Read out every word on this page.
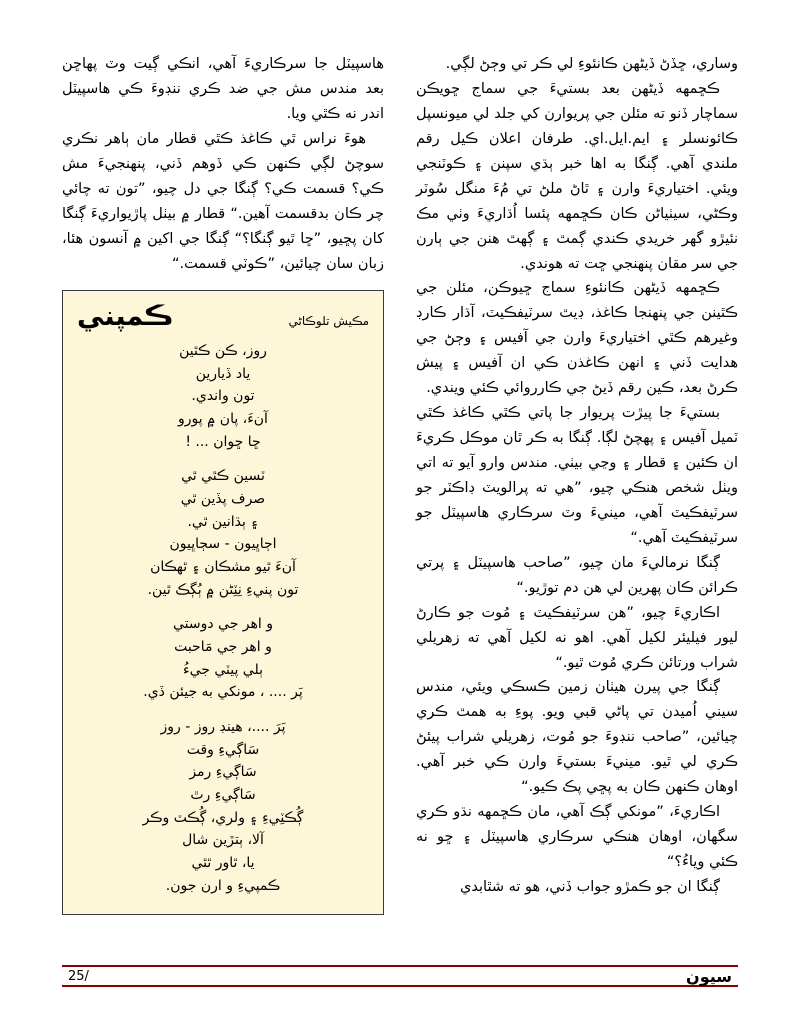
وساري، ڇڏڻ ڏيڻهن ڪانئوءِ لي ڪر تي وڄڻ لڳي.

ڪڇمهه ڏيڻهن بعد بستيءَ جي سماج ڇويڪن سماچار ڏنو ته مئلن جي پريوارن کي جلد لي ميونسپل ڪائونسلر ۽ ايم.ايل.اي. طرفان اعلان ڪيل رقم ملندي آهي. ڳنگا به اها خبر ٻڌي سپنن ۽ ڪوٽنجي ويئي. اختياريءَ وارن ۽ ٿاڻ ملڻ تي مُءَ منگل سُوٽر وڪڻي، سيٺياڻن ڪان ڪڇمهه پئسا اُڌاريءَ وٺي مڪ نئيڙو گهر خريدي ڪندي ڳمٿ ۽ ڳهٿ هنن جي ٻارن جي سر مقان پنهنجي ڇت ته هوندي.

ڪڇمهه ڏيڻهن ڪانئوءِ سماج ڇيوڪن، مئلن جي ڪٿينن جي پنهنجا ڪاغذ، ڊيٿ سرٽيفڪيٽ، آڌار ڪارڊ وغيرهم ڪٿي اختياريءَ وارن جي آفيس ۽ وڄڻ جي هدايت ڏني ۽ انهن ڪاغذن ڪي ان آفيس ۽ پيش ڪرڻ بعد، ڪين رقم ڏيڻ جي ڪارروائي ڪئي ويندي.

بستيءَ جا پيڙت پريوار جا پاتي ڪٿي ڪاغذ ڪٿي ٽميل آفيس ۽ پهچڻ لڳا. ڳنگا به ڪر ٿان موڪل ڪريءَ ان ڪئين ۽ قطار ۽ وڃي بيٺي. مندس وارو آيو ته اتي ويٺل شخص هنڪي چيو، ”هي ته پرالويٽ ڊاڪٽر جو سرٽيفڪيٽ آهي، مينيءَ وٽ سرڪاري هاسپيٽل جو سرٽيفڪيٽ آهي.“

ڳنگا نرماليءَ مان چيو، ”صاحب هاسپيٽل ۽ پرتي ڪرائن ڪان پهرين لي هن دم توڙيو.“

اڪاريءَ چيو، ”هن سرٽيفڪيٽ ۽ مُوت جو ڪارڻ ليور فيليئر لکيل آهي. اهو نه لکيل آهي ته زهريلي شراب ورتائن ڪري مُوت ٿيو.“

ڳنگا جي پيرن هيٺان زمين ڪسڪي ويئي، مندس سيني اُميدن تي پاڻي قبي ويو. پوءِ به همٿ ڪري چيائين، ”صاحب ننڊوءَ جو مُوت، زهريلي شراب پيئڻ ڪري لي ٿيو. مينيءَ بستيءَ وارن ڪي خبر آهي. اوهان ڪنهن ڪان به پڇي پڪ ڪيو.“

اڪاريءَ، ”مونکي ڳڪ آهي، مان ڪڇمهه نڌو ڪري سگهان، اوهان هنڪي سرڪاري هاسپيٽل ۽ ڇو نه ڪئي وياءُ؟“

ڳنگا ان جو ڪمڙو جواب ڏني، هو ته شٿابدي

هاسپيٽل جا سرڪاريءَ آهي، انڪي ڳيت وٽ پهاڇن بعد مندس مش جي ضد ڪري ننڊوءَ ڪي هاسپيٽل اندر نه ڪٿي ويا.

هوءَ نراس ٿي ڪاغذ ڪٿي قطار مان ٻاهر نڪري سوچڻ لڳي ڪنهن ڪي ڏوهم ڏني، پنهنجيءَ مش ڪي؟ قسمت ڪي؟ ڳنگا جي دل چيو، ”تون ته چائي چر ڪان بدقسمت آهين.“ قطار ۾ بيٺل پاڙيواريءَ ڳنگا کان پڇيو، ”ڇا ٿيو ڳنگا؟“ ڳنگا جي اکين ۾ آنسون هئا، زبان سان چيائين، ”ڪوٽي قسمت.“

ڪمپني	مڪيش تلوڪاڻي
روز، ڪن ڪٿين
ياد ڏيارين
تون واندي.
آنءَ، پان ۾ پورو
ڇا ڇوان ... !
ٽسين ڪٿي ٿي
صرف پڏين ٿي
۽ ٻڌانين ٿي.
اڄاڀيون - سڄاڀيون
آنءَ ٿيو مشڪان ۽ ٿهڪان
تون پنيءِ نِٽِڻن ۾ ٻُڳڪ ٿين.
و اهر جي دوستي
و اهر جي مَاحبت
ٻلي پيٽي جيءُ
پَر .... ، مونکي به جيئن ڏي.
پَرَ ....، هينڊ روز - روز
سَاڳيءِ وقت
سَاڳيءِ رمز
سَاڳيءِ رٿ
ڳُڪٽِيءِ ۽ ولري، ڳُڪٽ وڪر
آلا، ٻتڙين شال
يا، ٿاور ٿٿي
ڪمپيءِ و ارن جون.
سپون
25/
